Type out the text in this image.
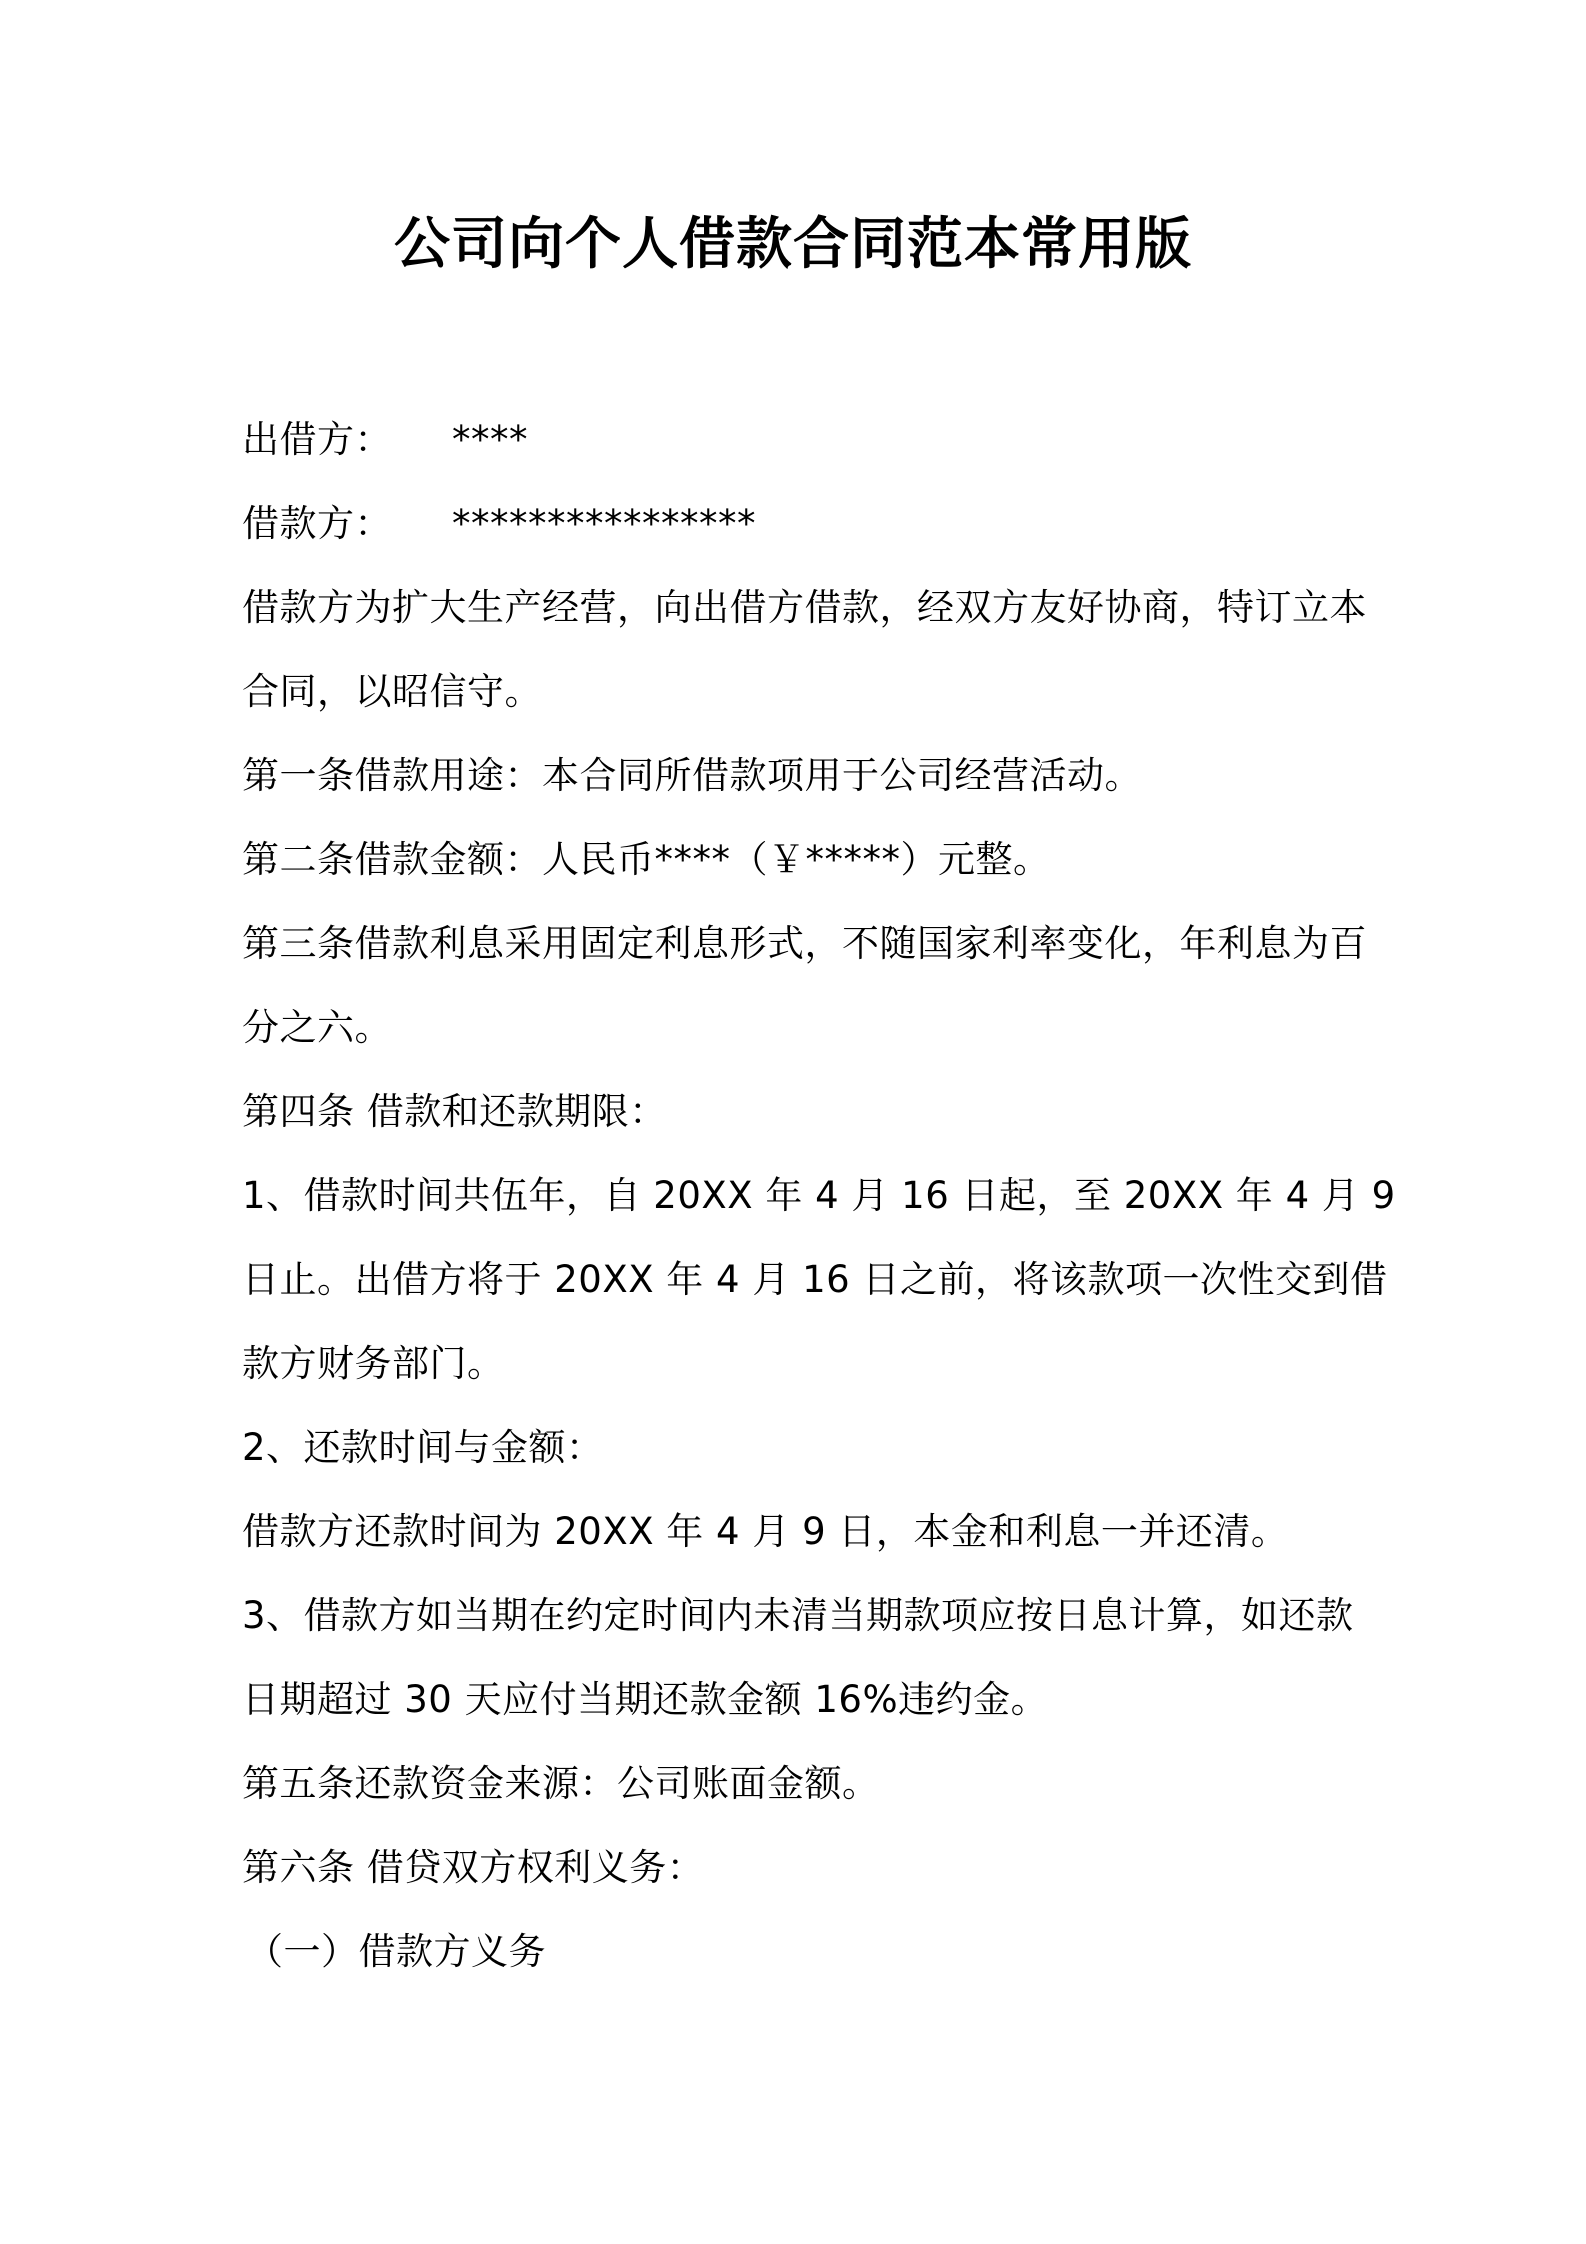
公司向个人借款合同范本常用版
出借方： ****
借款方： ****************
借款方为扩大生产经营，向出借方借款，经双方友好协商，特订立本
合同，以昭信守。
第一条借款用途：本合同所借款项用于公司经营活动。
第二条借款金额：人民币****（￥*****）元整。
第三条借款利息采用固定利息形式，不随国家利率变化，年利息为百
分之六。
第四条 借款和还款期限：
1、借款时间共伍年，自 20XX 年 4 月 16 日起，至 20XX 年 4 月 9
日止。出借方将于 20XX 年 4 月 16 日之前，将该款项一次性交到借
款方财务部门。
2、还款时间与金额：
借款方还款时间为 20XX 年 4 月 9 日，本金和利息一并还清。
3、借款方如当期在约定时间内未清当期款项应按日息计算，如还款
日期超过 30 天应付当期还款金额 16%违约金。
第五条还款资金来源：公司账面金额。
第六条 借贷双方权利义务：
（一）借款方义务
